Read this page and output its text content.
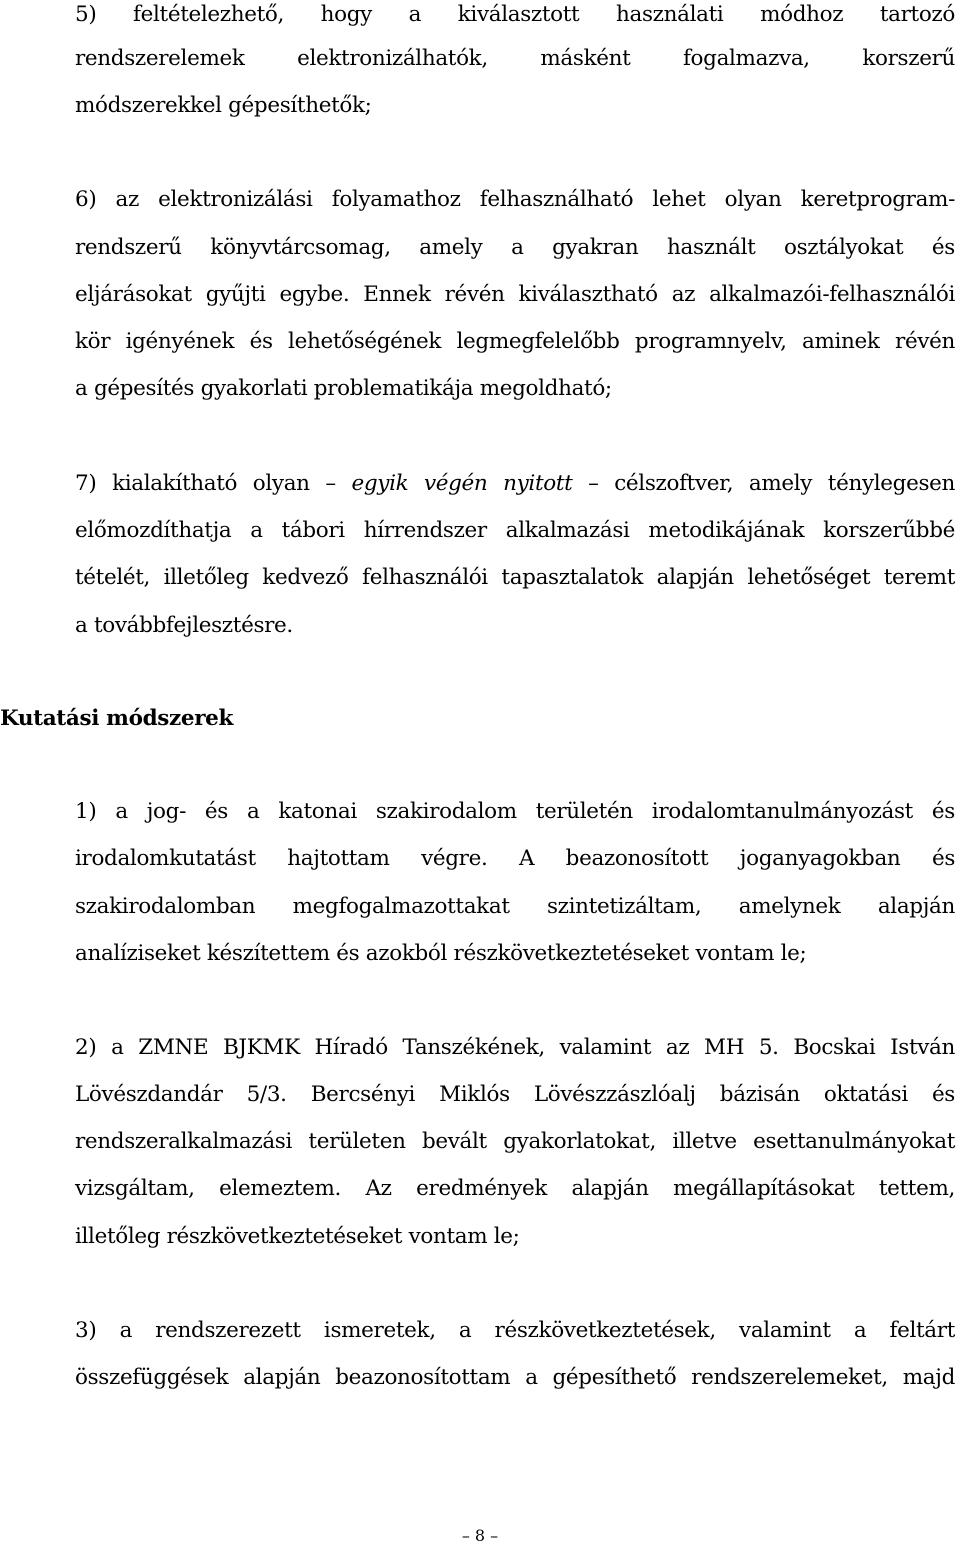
5) feltételezhető, hogy a kiválasztott használati módhoz tartozó
rendszerelemek elektronizálhatók, másként fogalmazva, korszerű
módszerekkel gépesíthetők;
6) az elektronizálási folyamathoz felhasználható lehet olyan keretprogram-
rendszerű könyvtárcsomag, amely a gyakran használt osztályokat és
eljárásokat gyűjti egybe. Ennek révén kiválasztható az alkalmazói-felhasználói
kör igényének és lehetőségének legmegfelelőbb programnyelv, aminek révén
a gépesítés gyakorlati problematikája megoldható;
7) kialakítható olyan – egyik végén nyitott – célszoftver, amely ténylegesen
előmozdíthatja a tábori hírrendszer alkalmazási metodikájának korszerűbbé
tételét, illetőleg kedvező felhasználói tapasztalatok alapján lehetőséget teremt
a továbbfejlesztésre.
Kutatási módszerek
1) a jog- és a katonai szakirodalom területén irodalomtanulmányozást és
irodalomkutatást hajtottam végre. A beazonosított joganyagokban és
szakirodalomban megfogalmazottakat szintetizáltam, amelynek alapján
analíziseket készítettem és azokból részkövetkeztetéseket vontam le;
2) a ZMNE BJKMK Híradó Tanszékének, valamint az MH 5. Bocskai István
Lövészdandár 5/3. Bercsényi Miklós Lövészzászlóalj bázisán oktatási és
rendszeralkalmazási területen bevált gyakorlatokat, illetve esettanulmányokat
vizsgáltam, elemeztem. Az eredmények alapján megállapításokat tettem,
illetőleg részkövetkeztetéseket vontam le;
3) a rendszerezett ismeretek, a részkövetkeztetések, valamint a feltárt
összefüggések alapján beazonosítottam a gépesíthető rendszerelemeket, majd
– 8 –
